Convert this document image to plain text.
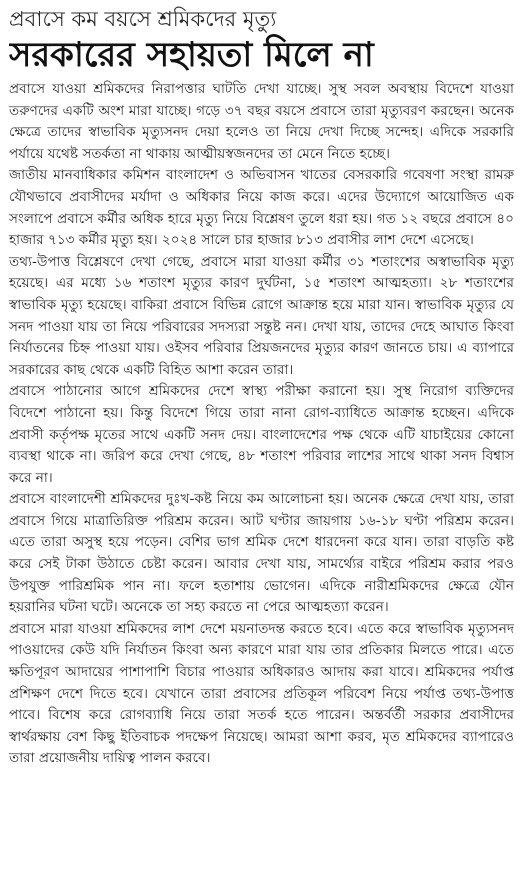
প্রবাসে কম বয়সে শ্রমিকদের মৃত্যু
সরকারের সহায়তা মিলে না

প্রবাসে যাওয়া শ্রমিকদের নিরাপত্তার ঘাটতি দেখা যাচ্ছে। সুস্থ সবল অবস্থায় বিদেশে যাওয়া তরুণদের একটি অংশ মারা যাচ্ছে। গড়ে ৩৭ বছর বয়সে প্রবাসে তারা মৃত্যুবরণ করছেন। অনেক ক্ষেত্রে তাদের স্বাভাবিক মৃত্যুসনদ দেয়া হলেও তা নিয়ে দেখা দিচ্ছে সন্দেহ। এদিকে সরকারি পর্যায়ে যথেষ্ট সতর্কতা না থাকায় আত্মীয়স্বজনদের তা মেনে নিতে হচ্ছে।

জাতীয় মানবাধিকার কমিশন বাংলাদেশ ও অভিবাসন খাতের বেসরকারি গবেষণা সংস্থা রামরু যৌথভাবে প্রবাসীদের মর্যাদা ও অধিকার নিয়ে কাজ করে। এদের উদ্যোগে আয়োজিত এক সংলাপে প্রবাসে কর্মীর অধিক হারে মৃত্যু নিয়ে বিশ্লেষণ তুলে ধরা হয়। গত ১২ বছরে প্রবাসে ৪০ হাজার ৭১৩ কর্মীর মৃত্যু হয়। ২০২৪ সালে চার হাজার ৮১৩ প্রবাসীর লাশ দেশে এসেছে।

তথ্য-উপাত্ত বিশ্লেষণে দেখা গেছে, প্রবাসে মারা যাওয়া কর্মীর ৩১ শতাংশের অস্বাভাবিক মৃত্যু হয়েছে। এর মধ্যে ১৬ শতাংশ মৃত্যুর কারণ দুর্ঘটনা, ১৫ শতাংশ আত্মহত্যা। ২৮ শতাংশের স্বাভাবিক মৃত্যু হয়েছে। বাকিরা প্রবাসে বিভিন্ন রোগে আক্রান্ত হয়ে মারা যান। স্বাভাবিক মৃত্যুর যে সনদ পাওয়া যায় তা নিয়ে পরিবারের সদস্যরা সন্তুষ্ট নন। দেখা যায়, তাদের দেহে আঘাত কিংবা নির্যাতনের চিহ্ন পাওয়া যায়। ওইসব পরিবার প্রিয়জনদের মৃত্যুর কারণ জানতে চায়। এ ব্যাপারে সরকারের কাছ থেকে একটি বিহিত আশা করেন তারা।

প্রবাসে পাঠানোর আগে শ্রমিকদের দেশে স্বাস্থ্য পরীক্ষা করানো হয়। সুস্থ নিরোগ ব্যক্তিদের বিদেশে পাঠানো হয়। কিন্তু বিদেশে গিয়ে তারা নানা রোগ-ব্যাধিতে আক্রান্ত হচ্ছেন। এদিকে প্রবাসী কর্তৃপক্ষ মৃতের সাথে একটি সনদ দেয়। বাংলাদেশের পক্ষ থেকে এটি যাচাইয়ের কোনো ব্যবস্থা থাকে না। জরিপ করে দেখা গেছে, ৪৮ শতাংশ পরিবার লাশের সাথে থাকা সনদ বিশ্বাস করে না।

প্রবাসে বাংলাদেশী শ্রমিকদের দুঃখ-কষ্ট নিয়ে কম আলোচনা হয়। অনেক ক্ষেত্রে দেখা যায়, তারা প্রবাসে গিয়ে মাত্রাতিরিক্ত পরিশ্রম করেন। আট ঘণ্টার জায়গায় ১৬-১৮ ঘণ্টা পরিশ্রম করেন। এতে তারা অসুস্থ হয়ে পড়েন। বেশির ভাগ শ্রমিক দেশে ধারদেনা করে যান। তারা বাড়তি কষ্ট করে সেই টাকা উঠাতে চেষ্টা করেন। আবার দেখা যায়, সামর্থ্যের বাইরে পরিশ্রম করার পরও উপযুক্ত পারিশ্রমিক পান না। ফলে হতাশায় ভোগেন। এদিকে নারীশ্রমিকদের ক্ষেত্রে যৌন হয়রানির ঘটনা ঘটে। অনেকে তা সহ্য করতে না পেরে আত্মহত্যা করেন।

প্রবাসে মারা যাওয়া শ্রমিকদের লাশ দেশে ময়নাতদন্ত করতে হবে। এতে করে স্বাভাবিক মৃত্যুসনদ পাওয়াদের কেউ যদি নির্যাতন কিংবা অন্য কারণে মারা যায় তার প্রতিকার মিলতে পারে। এতে ক্ষতিপূরণ আদায়ের পাশাপাশি বিচার পাওয়ার অধিকারও আদায় করা যাবে। শ্রমিকদের পর্যাপ্ত প্রশিক্ষণ দেশে দিতে হবে। যেখানে তারা প্রবাসের প্রতিকূল পরিবেশ নিয়ে পর্যাপ্ত তথ্য-উপাত্ত পাবে। বিশেষ করে রোগব্যাধি নিয়ে তারা সতর্ক হতে পারেন। অন্তর্বর্তী সরকার প্রবাসীদের স্বার্থরক্ষায় বেশ কিছু ইতিবাচক পদক্ষেপ নিয়েছে। আমরা আশা করব, মৃত শ্রমিকদের ব্যাপারেও তারা প্রয়োজনীয় দায়িত্ব পালন করবে।
